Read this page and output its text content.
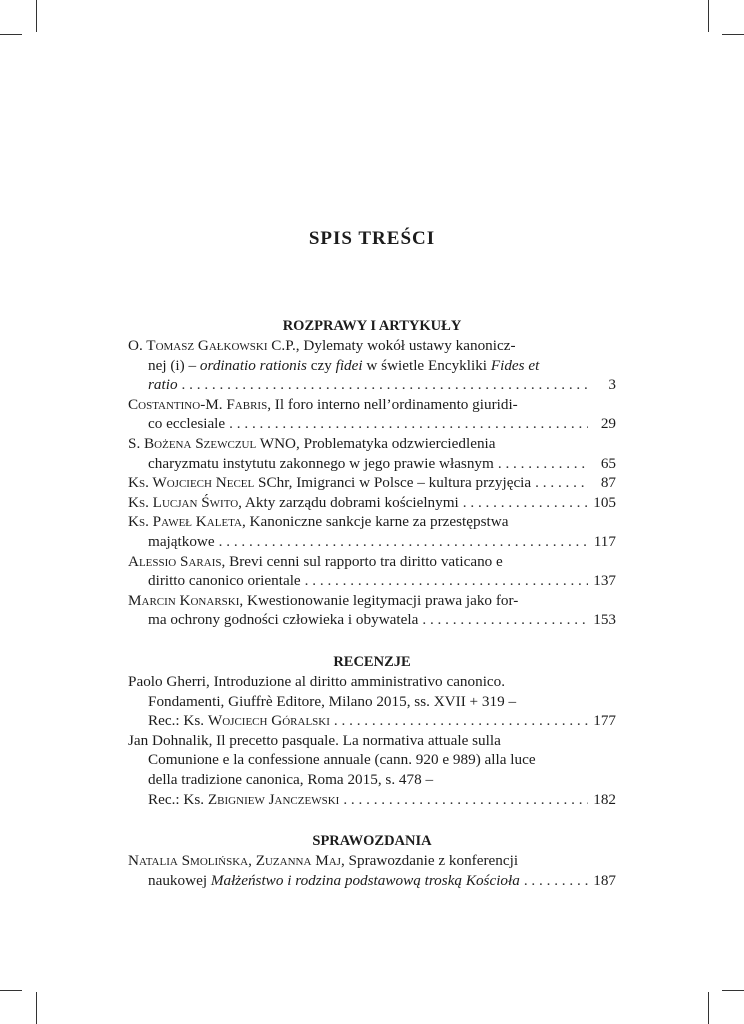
SPIS TREŚCI
ROZPRAWY I ARTYKUŁY
O. Tomasz Gałkowski C.P., Dylematy wokół ustawy kanonicz-
nej (i) – ordinatio rationis czy fidei w świetle Encykliki Fides et
ratio . . .	3
Costantino-M. Fabris, Il foro interno nell’ordinamento giuridi-
co ecclesiale . . .	29
S. Bożena Szewczul WNO, Problematyka odzwierciedlenia
charyzmatu instytutu zakonnego w jego prawie własnym . . .	65
Ks. Wojciech Necel SChr, Imigranci w Polsce – kultura przyjęcia . . .	87
Ks. Lucjan Świto, Akty zarządu dobrami kościelnymi . . .	105
Ks. Paweł Kaleta, Kanoniczne sankcje karne za przestępstwa
majątkowe . . .	117
Alessio Sarais, Brevi cenni sul rapporto tra diritto vaticano e
diritto canonico orientale . . .	137
Marcin Konarski, Kwestionowanie legitymacji prawa jako for-
ma ochrony godności człowieka i obywatela . . .	153
RECENZJE
Paolo Gherri, Introduzione al diritto amministrativo canonico.
Fondamenti, Giuffrè Editore, Milano 2015, ss. XVII + 319 –
Rec.: Ks. Wojciech Góralski . . .	177
Jan Dohnalik, Il precetto pasquale. La normativa attuale sulla
Comunione e la confessione annuale (cann. 920 e 989) alla luce
della tradizione canonica, Roma 2015, s. 478 –
Rec.: Ks. Zbigniew Janczewski . . .	182
SPRAWOZDANIA
Natalia Smolińska, Zuzanna Maj, Sprawozdanie z konferencji
naukowej Małżeństwo i rodzina podstawową troską Kościoła . . .	187
